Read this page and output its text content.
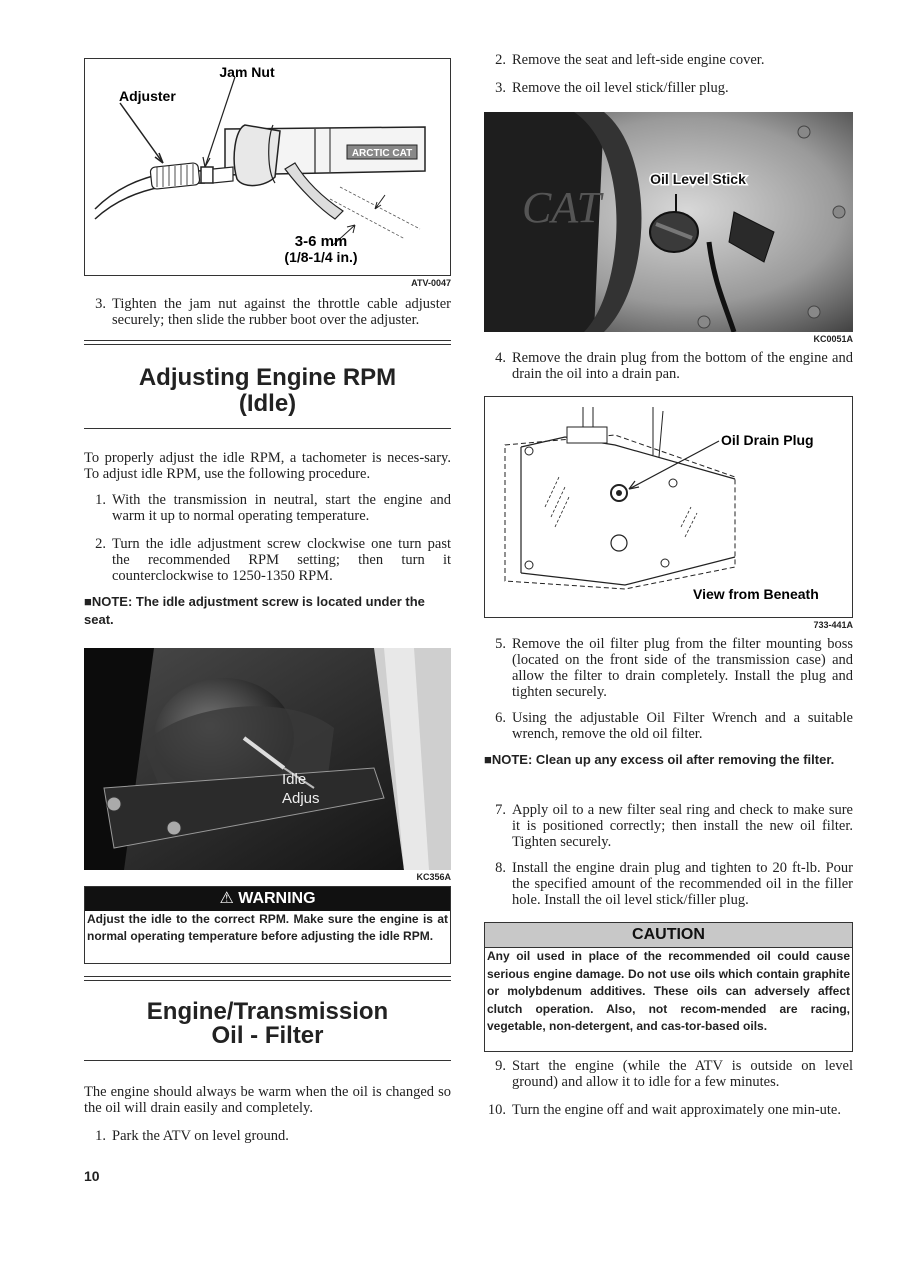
ARCTIC CAT
Jam Nut
Adjuster
3-6 mm
(1/8-1/4 in.)
ATV-0047
3. Tighten the jam nut against the throttle cable adjuster securely; then slide the rubber boot over the adjuster.
Adjusting Engine RPM
(Idle)
To properly adjust the idle RPM, a tachometer is neces-sary. To adjust idle RPM, use the following procedure.
1. With the transmission in neutral, start the engine and warm it up to normal operating temperature.
2. Turn the idle adjustment screw clockwise one turn past the recommended RPM setting; then turn it counterclockwise to 1250-1350 RPM.
■NOTE: The idle adjustment screw is located under the seat.
Idle
Adjus
KC356A
⚠ WARNING
Adjust the idle to the correct RPM. Make sure the engine is at normal operating temperature before adjusting the idle RPM.
Engine/Transmission
Oil - Filter
The engine should always be warm when the oil is changed so the oil will drain easily and completely.
1. Park the ATV on level ground.
10
2. Remove the seat and left-side engine cover.
3. Remove the oil level stick/filler plug.
CAT
Oil Level Stick
KC0051A
4. Remove the drain plug from the bottom of the engine and drain the oil into a drain pan.
Oil Drain Plug
View from Beneath
733-441A
5. Remove the oil filter plug from the filter mounting boss (located on the front side of the transmission case) and allow the filter to drain completely. Install the plug and tighten securely.
6. Using the adjustable Oil Filter Wrench and a suitable wrench, remove the old oil filter.
■NOTE: Clean up any excess oil after removing the filter.
7. Apply oil to a new filter seal ring and check to make sure it is positioned correctly; then install the new oil filter. Tighten securely.
8. Install the engine drain plug and tighten to 20 ft-lb. Pour the specified amount of the recommended oil in the filler hole. Install the oil level stick/filler plug.
CAUTION
Any oil used in place of the recommended oil could cause serious engine damage. Do not use oils which contain graphite or molybdenum additives. These oils can adversely affect clutch operation. Also, not recom-mended are racing, vegetable, non-detergent, and cas-tor-based oils.
9. Start the engine (while the ATV is outside on level ground) and allow it to idle for a few minutes.
10. Turn the engine off and wait approximately one min-ute.
